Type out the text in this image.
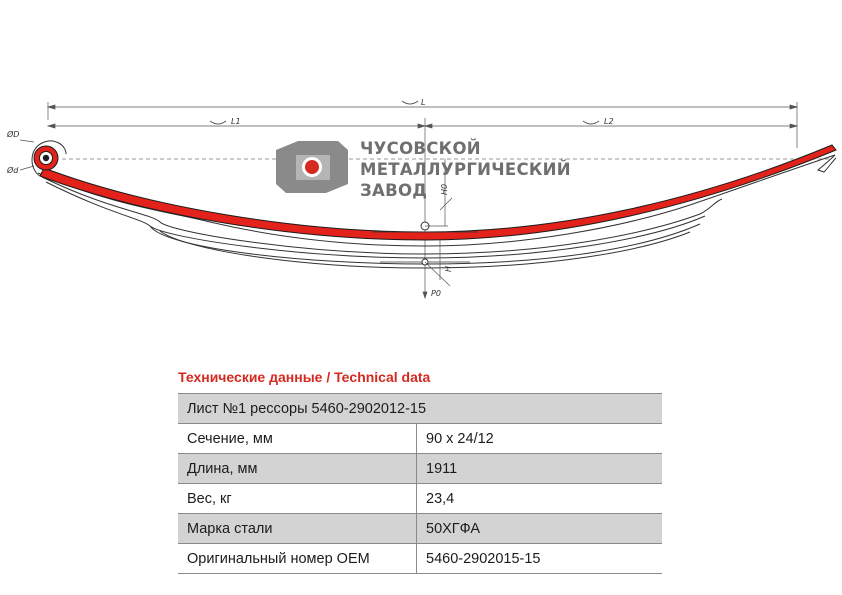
L
L1	L2
ØD
Ød
H0
H
P0
ЧУСОВСКОЙ
МЕТАЛЛУРГИЧЕСКИЙ
ЗАВОД
Технические данные / Technical data
Лист №1 рессоры 5460-2902012-15	
Сечение, мм	90 x 24/12
Длина, мм	1911
Вес, кг	23,4
Марка стали	50ХГФА
Оригинальный номер OEM	5460-2902015-15
